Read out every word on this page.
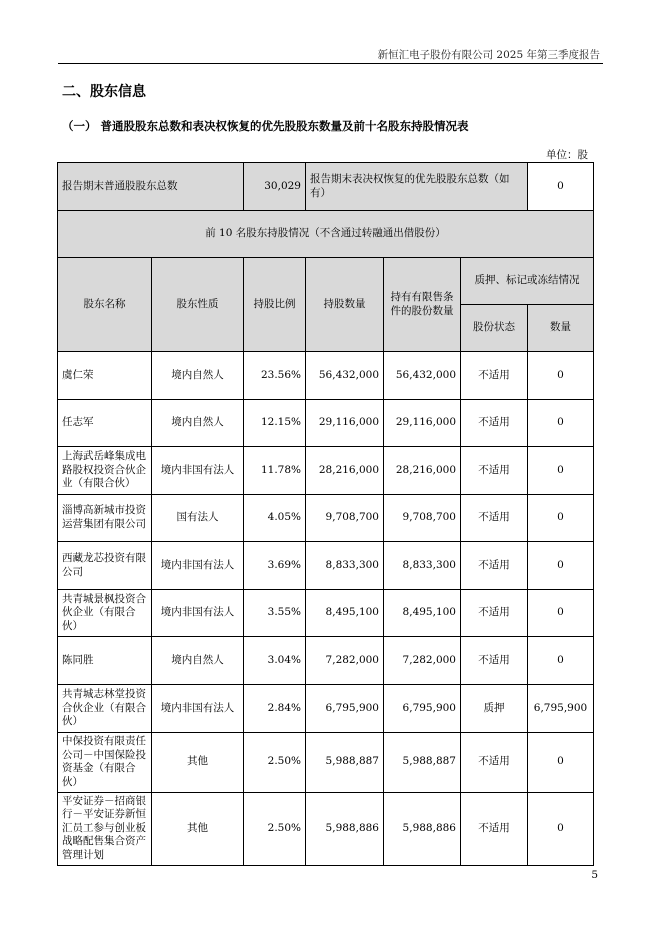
新恒汇电子股份有限公司 2025 年第三季度报告
二、股东信息
（一） 普通股股东总数和表决权恢复的优先股股东数量及前十名股东持股情况表
单位：股
报告期末普通股股东总数		30,029	报告期末表决权恢复的优先股股东总数（如有）			0
前 10 名股东持股情况（不含通过转融通出借股份）						
股东名称	股东性质	持股比例	持股数量	持有有限售条件的股份数量	质押、标记或冻结情况	
					股份状态	数量
虞仁荣	境内自然人	23.56%	56,432,000	56,432,000	不适用	0
任志军	境内自然人	12.15%	29,116,000	29,116,000	不适用	0
上海武岳峰集成电路股权投资合伙企业（有限合伙）	境内非国有法人	11.78%	28,216,000	28,216,000	不适用	0
淄博高新城市投资运营集团有限公司	国有法人	4.05%	9,708,700	9,708,700	不适用	0
西藏龙芯投资有限公司	境内非国有法人	3.69%	8,833,300	8,833,300	不适用	0
共青城景枫投资合伙企业（有限合伙）	境内非国有法人	3.55%	8,495,100	8,495,100	不适用	0
陈同胜	境内自然人	3.04%	7,282,000	7,282,000	不适用	0
共青城志林堂投资合伙企业（有限合伙）	境内非国有法人	2.84%	6,795,900	6,795,900	质押	6,795,900
中保投资有限责任公司－中国保险投资基金（有限合伙）	其他	2.50%	5,988,887	5,988,887	不适用	0
平安证券－招商银行－平安证券新恒汇员工参与创业板战略配售集合资产管理计划	其他	2.50%	5,988,886	5,988,886	不适用	0
5
